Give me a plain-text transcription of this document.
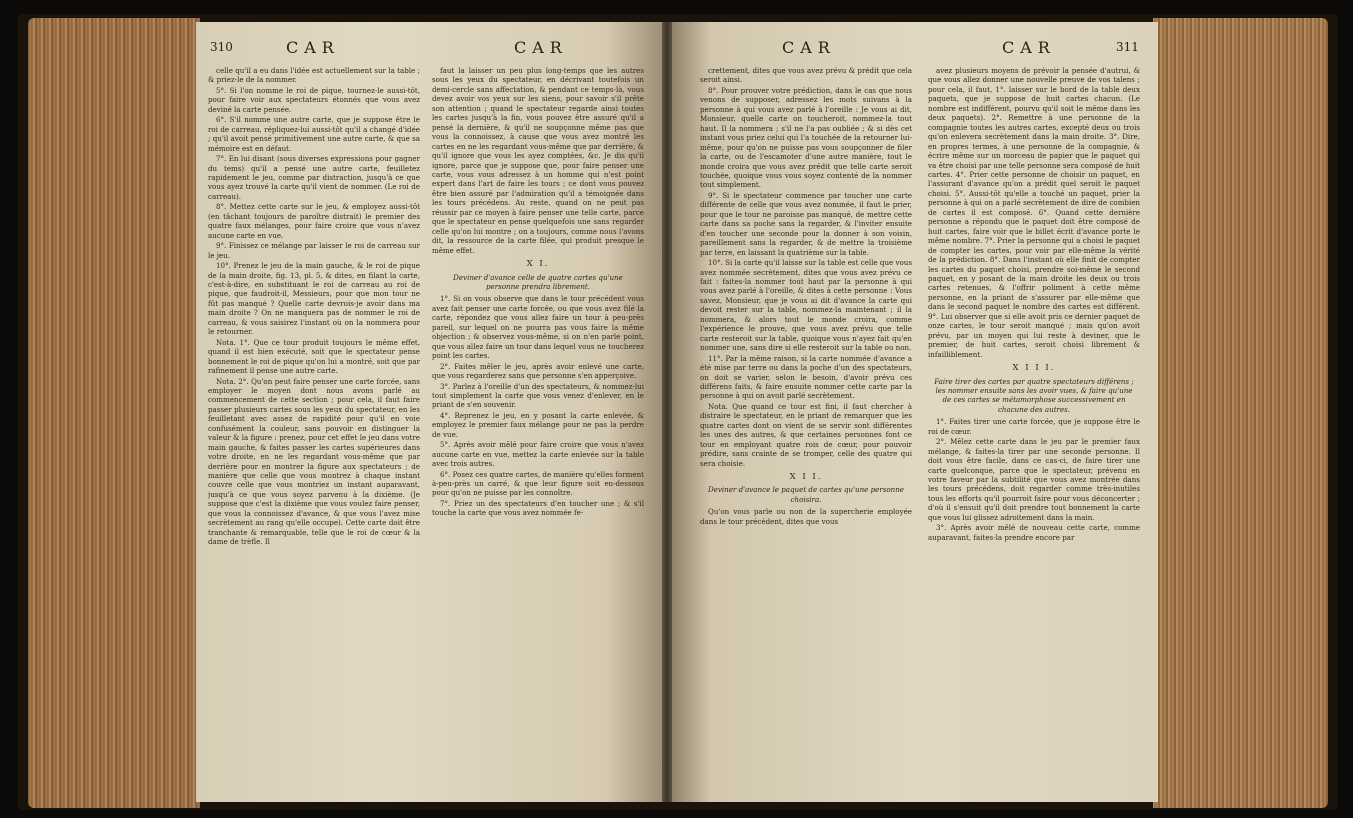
310	CAR	CAR

celle qu'il a eu dans l'idée est actuellement sur la table ; & priez-le de la nommer.

5°. Si l'on nomme le roi de pique, tournez-le aussi-tôt, pour faire voir aux spectateurs étonnés que vous avez deviné la carte pensée.

6°. S'il nomme une autre carte, que je suppose être le roi de carreau, répliquez-lui aussi-tôt qu'il a changé d'idée ; qu'il avoit pensé primitivement une autre carte, & que sa mémoire est en défaut.

7°. En lui disant (sous diverses expressions pour gagner du tems) qu'il a pensé une autre carte, feuilletez rapidement le jeu, comme par distraction, jusqu'à ce que vous ayez trouvé la carte qu'il vient de nommer. (Le roi de carreau).

8°. Mettez cette carte sur le jeu, & employez aussi-tôt (en tâchant toujours de paroître distrait) le premier des quatre faux mélanges, pour faire croire que vous n'avez aucune carte en vue.

9°. Finissez ce mélange par laisser le roi de carreau sur le jeu.

10°. Prenez le jeu de la main gauche, & le roi de pique de la main droite, fig. 13, pl. 5, & dites, en filant la carte, c'est-à-dire, en substituant le roi de carreau au roi de pique, que faudroit-il, Messieurs, pour que mon tour ne fût pas manqué ? Quelle carte devrois-je avoir dans ma main droite ? On ne manquera pas de nommer le roi de carreau, & vous saisirez l'instant où on la nommera pour le retourner.

Nota. 1°. Que ce tour produit toujours le même effet, quand il est bien exécuté, soit que le spectateur pense bonnement le roi de pique qu'on lui a montré, soit que par rafinement il pense une autre carte.

Nota. 2°. Qu'on peut faire penser une carte forcée, sans employer le moyen dont nous avons parlé au commencement de cette section ; pour cela, il faut faire passer plusieurs cartes sous les yeux du spectateur, en les feuilletant avec assez de rapidité pour qu'il en voie confusément la couleur, sans pouvoir en distinguer la valeur & la figure : prenez, pour cet effet le jeu dans votre main gauche, & faites passer les cartes supérieures dans votre droite, en ne les regardant vous-même que par derrière pour en montrer la figure aux spectateurs ; de manière que celle que vous montrez à chaque instant couvre celle que vous montriez un instant auparavant, jusqu'à ce que vous soyez parvenu à la dixième. (Je suppose que c'est la dixième que vous voulez faire penser, que vous la connoissez d'avance, & que vous l'avez mise secrètement au rang qu'elle occupe). Cette carte doit être tranchante & remarquable, telle que le roi de cœur & la dame de trèfle. Il

faut la laisser un peu plus long-temps que les autres sous les yeux du spectateur, en décrivant toutefois un demi-cercle sans affectation, & pendant ce temps-là, vous devez avoir vos yeux sur les siens, pour savoir s'il prête son attention ; quand le spectateur regarde ainsi toutes les cartes jusqu'à la fin, vous pouvez être assuré qu'il a pensé la dernière, & qu'il ne soupçonne même pas que vous la connoissez, à cause que vous avez montré les cartes en ne les regardant vous-même que par derrière, & qu'il ignore que vous les ayez comptées, &c. Je dis qu'il ignore, parce que je suppose que, pour faire penser une carte, vous vous adressez à un homme qui n'est point expert dans l'art de faire les tours ; ce dont vous pouvez être bien assuré par l'admiration qu'il a témoignée dans les tours précédens. Au reste, quand on ne peut pas réussir par ce moyen à faire penser une telle carte, parce que le spectateur en pense quelquefois une sans regarder celle qu'on lui montre ; on a toujours, comme nous l'avons dit, la ressource de la carte filée, qui produit presque le même effet.

X I.
Deviner d'avance celle de quatre cartes qu'une personne prendra librement.

1°. Si on vous observe que dans le tour précédent vous avez fait penser une carte forcée, ou que vous avez filé la carte, répondez que vous allez faire un tour à peu-près pareil, sur lequel on ne pourra pas vous faire la même objection ; & observez vous-même, si on n'en parle point, que vous allez faire un tour dans lequel vous ne toucherez point les cartes.

2°. Faites mêler le jeu, après avoir enlevé une carte, que vous regarderez sans que personne s'en apperçoive.

3°. Parlez à l'oreille d'un des spectateurs, & nommez-lui tout simplement la carte que vous venez d'enlever, en le priant de s'en souvenir.

4°. Reprenez le jeu, en y posant la carte enlevée, & employez le premier faux mélange pour ne pas la perdre de vue.

5°. Après avoir mêlé pour faire croire que vous n'avez aucune carte en vue, mettez la carte enlevée sur la table avec trois autres.

6°. Posez ces quatre cartes, de manière qu'elles forment à-peu-près un carré, & que leur figure soit en-dessous pour qu'on ne puisse par les connoître.

7°. Priez un des spectateurs d'en toucher une ; & s'il touche la carte que vous avez nommée fe-

CAR	CAR	311

crettement, dites que vous avez prévu & prédit que cela seroit ainsi.

8°. Pour prouver votre prédiction, dans le cas que nous venons de supposer, adressez les mots suivans à la personne à qui vous avez parlé à l'oreille : Je vous ai dit, Monsieur, quelle carte on toucheroit, nommez-la tout haut. Il la nommera ; s'il ne l'a pas oubliée ; & si dès cet instant vous priez celui qui l'a touchée de la retourner lui-même, pour qu'on ne puisse pas vous soupçonner de filer la carte, ou de l'escamoter d'une autre manière, tout le monde croira que vous avez prédit que telle carte seroit touchée, quoique vous vous soyez contenté de la nommer tout simplement.

9°. Si le spectateur commence par toucher une carte différente de celle que vous avez nommée, il faut le prier, pour que le tour ne paroisse pas manqué, de mettre cette carte dans sa poche sans la regarder, & l'inviter ensuite d'en toucher une seconde pour la donner à son voisin, pareillement sans la regarder, & de mettre la troisième par terre, en laissant la quatrième sur la table.

10°. Si la carte qu'il laisse sur la table est celle que vous avez nommée secrètement, dites que vous avez prévu ce fait : faites-la nommer tout haut par la personne à qui vous avez parlé à l'oreille, & dites à cette personne : Vous savez, Monsieur, que je vous ai dit d'avance la carte qui devoit rester sur la table, nommez-la maintenant ; il la nommera, & alors tout le monde croira, comme l'expérience le prouve, que vous avez prévu que telle carte resteroit sur la table, quoique vous n'ayez fait qu'en nommer une, sans dire si elle resteroit sur la table ou non.

11°. Par la même raison, si la carte nommée d'avance a été mise par terre ou dans la poche d'un des spectateurs, on doit se varier, selon le besoin, d'avoir prévu ces différens faits, & faire ensuite nommer cette carte par la personne à qui on avoit parlé secrètement.

Nota. Que quand ce tour est fini, il faut chercher à distraire le spectateur, en le priant de remarquer que les quatre cartes dont on vient de se servir sont différentes les unes des autres, & que certaines personnes font ce tour en employant quatre rois de cœur, pour pouvoir prédire, sans crainte de se tromper, celle des quatre qui sera choisie.

X I I.
Deviner d'avance le paquet de cartes qu'une personne choisira.

Qu'on vous parle ou non de la supercherie employée dans le tour précédent, dites que vous

avez plusieurs moyens de prévoir la pensée d'autrui, & que vous allez donner une nouvelle preuve de vos talens ; pour cela, il faut, 1°. laisser sur le bord de la table deux paquets, que je suppose de huit cartes chacun. (Le nombre est indifférent, pourvu qu'il soit le même dans les deux paquets). 2°. Remettre à une personne de la compagnie toutes les autres cartes, excepté deux ou trois qu'on enlevera secrètement dans la main droite. 3°. Dire, en propres termes, à une personne de la compagnie, & écrire même sur un morceau de papier que le paquet qui va être choisi par une telle personne sera composé de huit cartes. 4°. Prier cette personne de choisir un paquet, en l'assurant d'avance qu'on a prédit quel seroit le paquet choisi. 5°. Aussi-tôt qu'elle a touché un paquet, prier la personne à qui on a parlé secrètement de dire de combien de cartes il est composé. 6°. Quand cette dernière personne a répondu que le paquet doit être composé de huit cartes, faire voir que le billet écrit d'avance porte le même nombre. 7°. Prier la personne qui a choisi le paquet de compter les cartes, pour voir par elle-même la vérité de la prédiction. 8°. Dans l'instant où elle finit de compter les cartes du paquet choisi, prendre soi-même le second paquet, en y posant de la main droite les deux ou trois cartes retenues, & l'offrir poliment à cette même personne, en la priant de s'assurer par elle-même que dans le second paquet le nombre des cartes est différent. 9°. Lui observer que si elle avoit pris ce dernier paquet de onze cartes, le tour seroit manqué ; mais qu'on avoit prévu, par un moyen qui lui reste à deviner, que le premier, de huit cartes, seroit choisi librement & infailliblement.

X I I I.
Faire tirer des cartes par quatre spectateurs différens ; les nommer ensuite sans les avoir vues, & faire qu'une de ces cartes se métamorphose successivement en chacune des autres.

1°. Faites tirer une carte forcée, que je suppose être le roi de cœur.

2°. Mêlez cette carte dans le jeu par le premier faux mélange, & faites-la tirer par une seconde personne. Il doit vous être facile, dans ce cas-ci, de faire tirer une carte quelconque, parce que le spectateur, prévenu en votre faveur par la subtilité que vous avez montrée dans les tours précédens, doit regarder comme très-inutiles tous les efforts qu'il pourroit faire pour vous déconcerter ; d'où il s'ensuit qu'il doit prendre tout bonnement la carte que vous lui glissez adroitement dans la main.

3°. Après avoir mêlé de nouveau cette carte, comme auparavant, faites-la prendre encore par
